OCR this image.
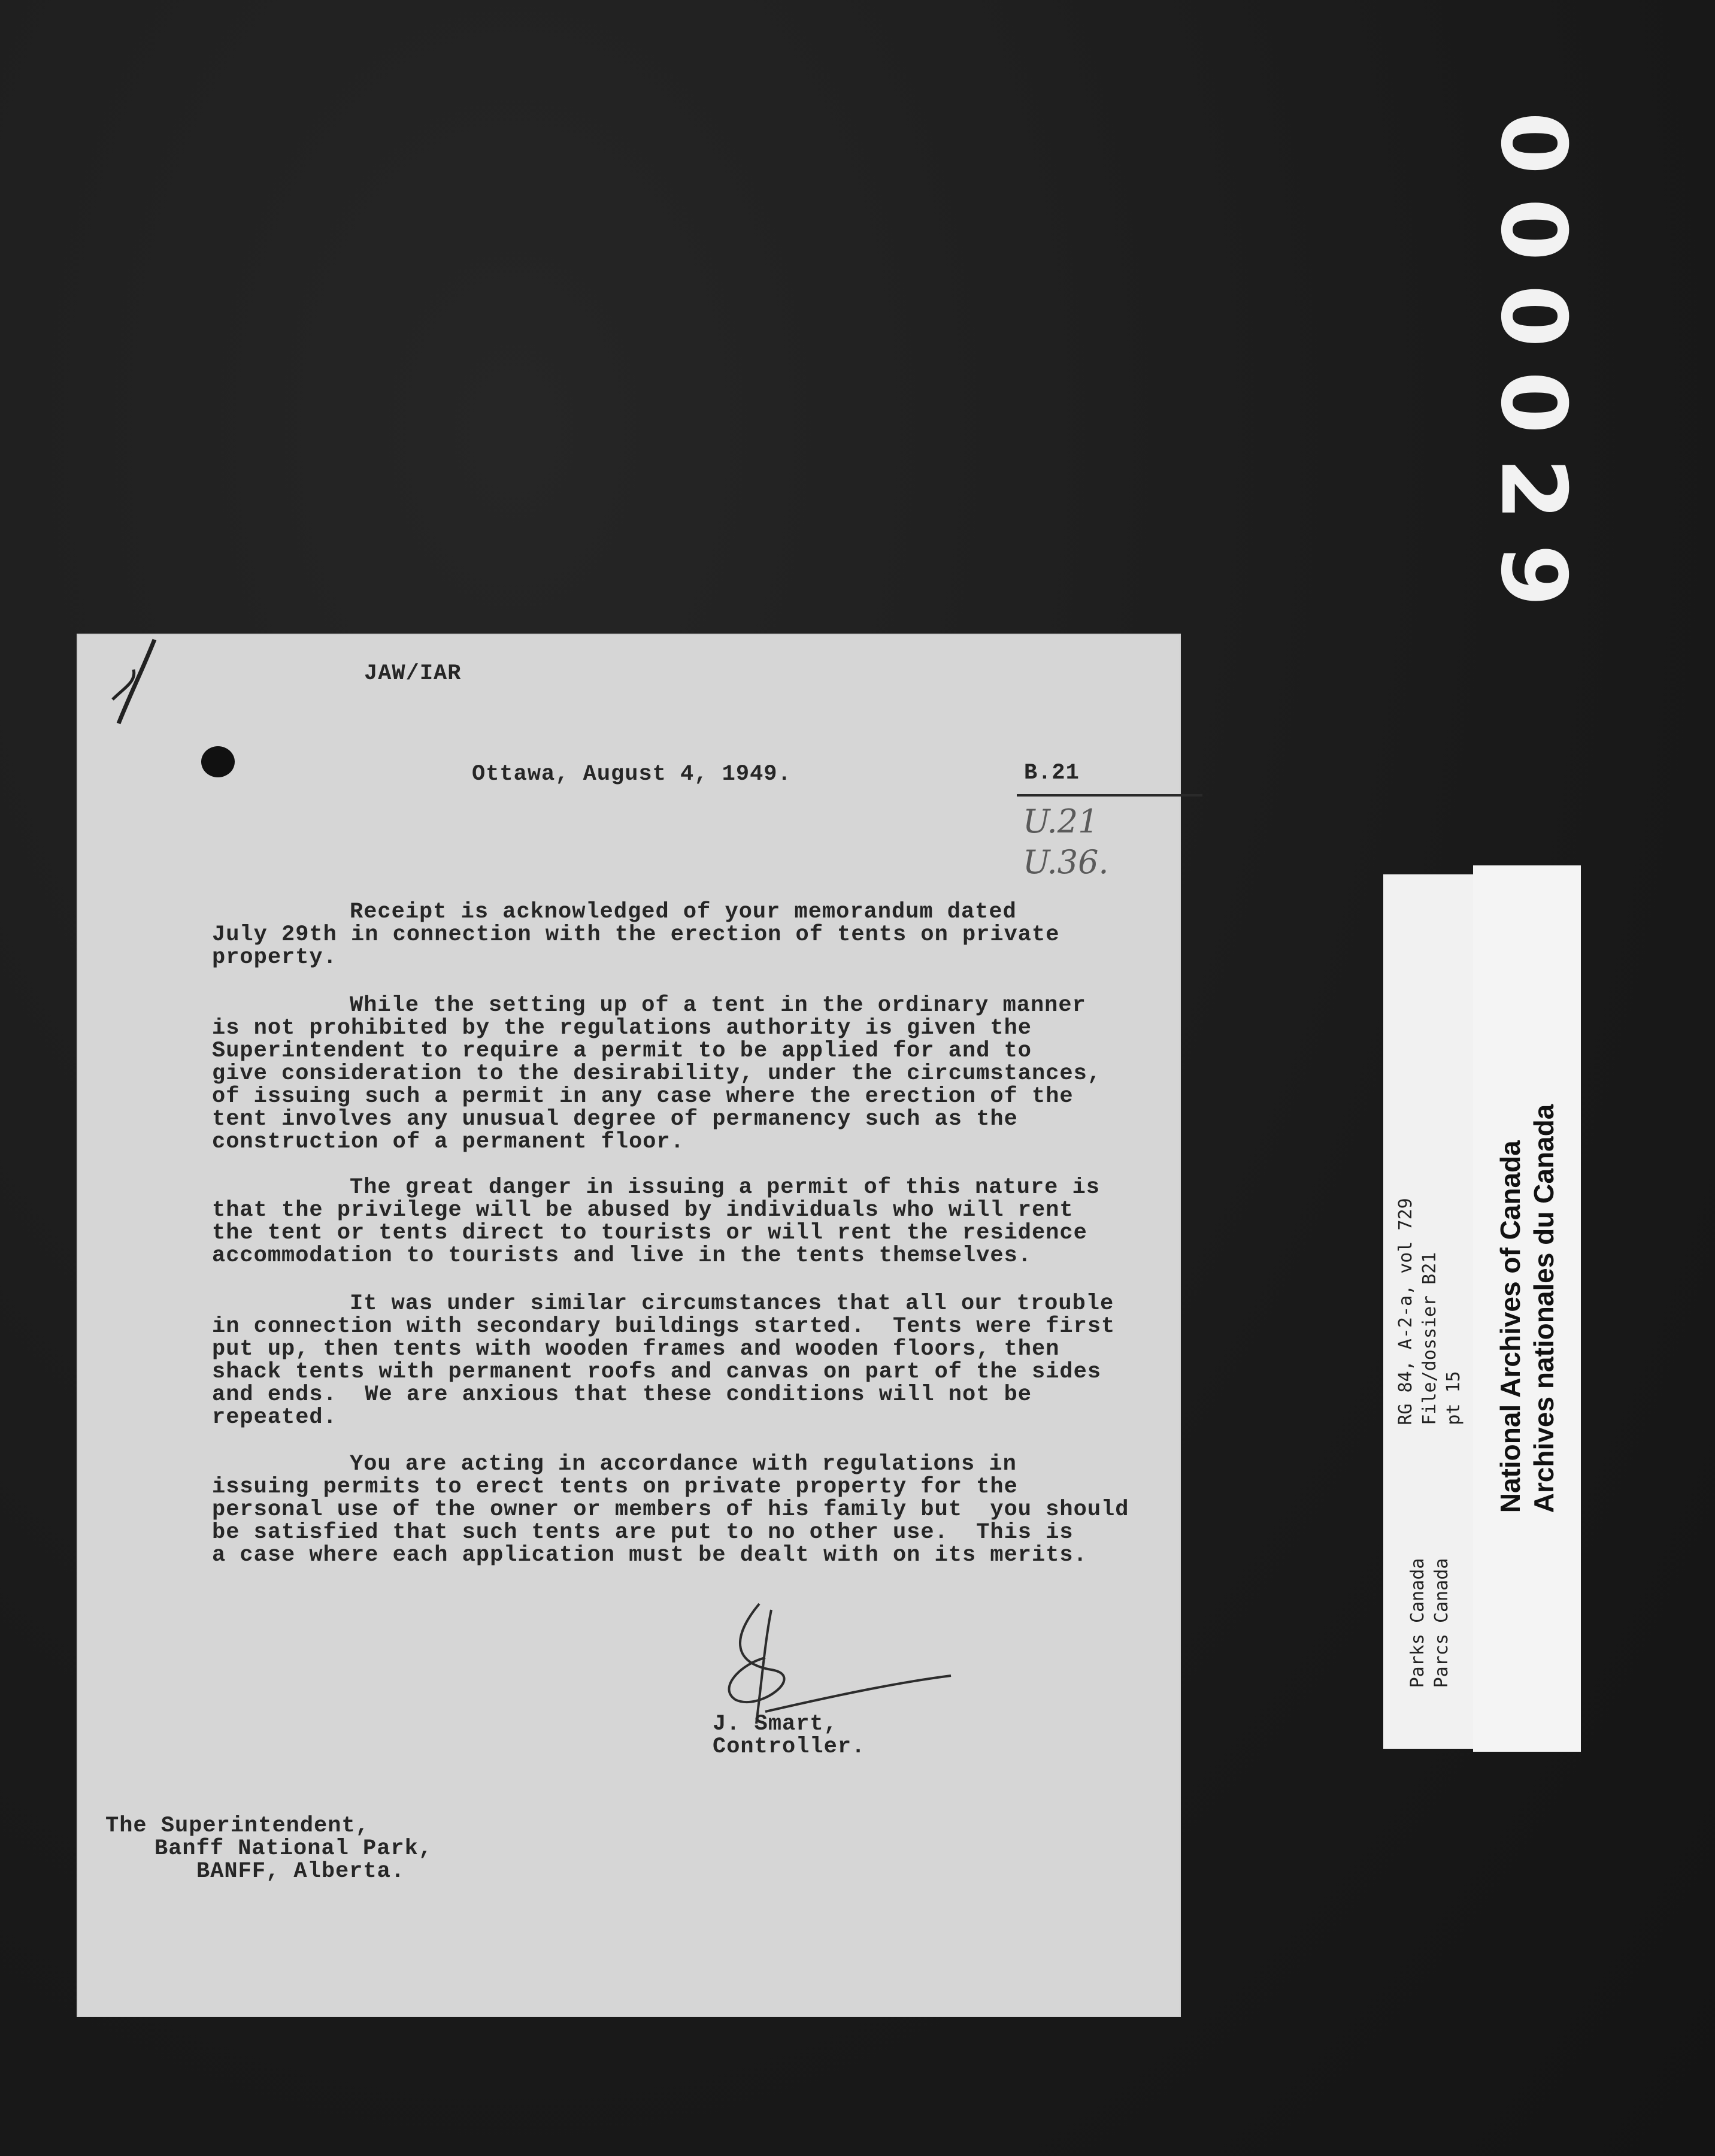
000029
JAW/IAR
Ottawa, August 4, 1949.	B.21
U.21
U.36.
Receipt is acknowledged of your memorandum dated
July 29th in connection with the erection of tents on private
property.
While the setting up of a tent in the ordinary manner
is not prohibited by the regulations authority is given the
Superintendent to require a permit to be applied for and to
give consideration to the desirability, under the circumstances,
of issuing such a permit in any case where the erection of the
tent involves any unusual degree of permanency such as the
construction of a permanent floor.
The great danger in issuing a permit of this nature is
that the privilege will be abused by individuals who will rent
the tent or tents direct to tourists or will rent the residence
accommodation to tourists and live in the tents themselves.
It was under similar circumstances that all our trouble
in connection with secondary buildings started.  Tents were first
put up, then tents with wooden frames and wooden floors, then
shack tents with permanent roofs and canvas on part of the sides
and ends.  We are anxious that these conditions will not be
repeated.
You are acting in accordance with regulations in
issuing permits to erect tents on private property for the
personal use of the owner or members of his family but  you should
be satisfied that such tents are put to no other use.  This is
a case where each application must be dealt with on its merits.
J. Smart,
Controller.
The Superintendent,
Banff National Park,
BANFF, Alberta.
RG 84, A-2-a, vol 729 File/dossier B21 pt 15
Parks Canada Parcs Canada
National Archives of Canada Archives nationales du Canada
